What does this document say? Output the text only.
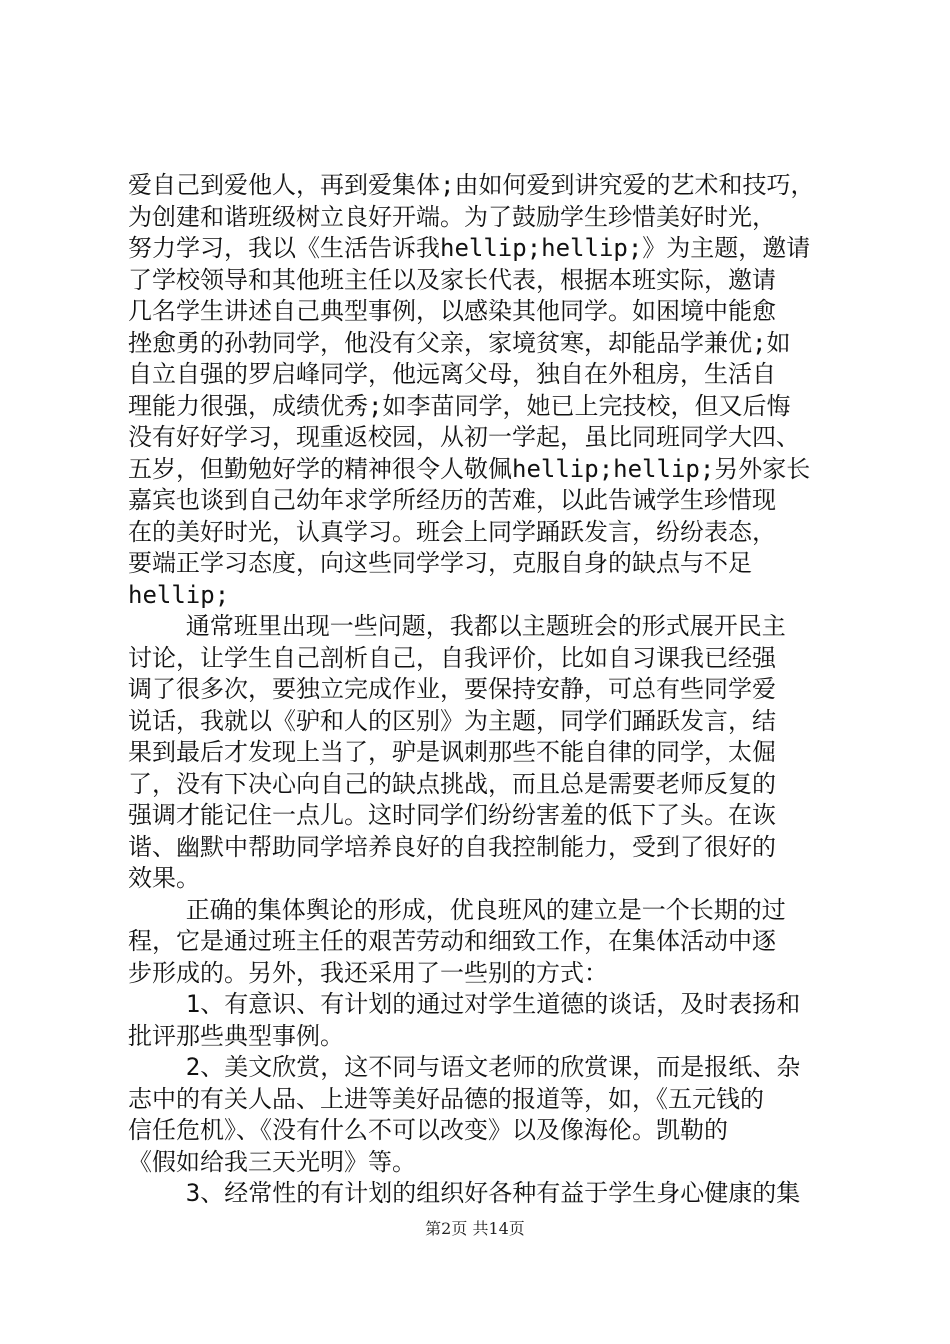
爱自己到爱他人，再到爱集体;由如何爱到讲究爱的艺术和技巧，
为创建和谐班级树立良好开端。为了鼓励学生珍惜美好时光，
努力学习，我以《生活告诉我hellip;hellip;》为主题，邀请
了学校领导和其他班主任以及家长代表，根据本班实际，邀请
几名学生讲述自己典型事例，以感染其他同学。如困境中能愈
挫愈勇的孙勃同学，他没有父亲，家境贫寒，却能品学兼优;如
自立自强的罗启峰同学，他远离父母，独自在外租房，生活自
理能力很强，成绩优秀;如李苗同学，她已上完技校，但又后悔
没有好好学习，现重返校园，从初一学起，虽比同班同学大四、
五岁，但勤勉好学的精神很令人敬佩hellip;hellip;另外家长
嘉宾也谈到自己幼年求学所经历的苦难，以此告诫学生珍惜现
在的美好时光，认真学习。班会上同学踊跃发言，纷纷表态，
要端正学习态度，向这些同学学习，克服自身的缺点与不足
hellip;
通常班里出现一些问题，我都以主题班会的形式展开民主
讨论，让学生自己剖析自己，自我评价，比如自习课我已经强
调了很多次，要独立完成作业，要保持安静，可总有些同学爱
说话，我就以《驴和人的区别》为主题，同学们踊跃发言，结
果到最后才发现上当了，驴是讽刺那些不能自律的同学，太倔
了，没有下决心向自己的缺点挑战，而且总是需要老师反复的
强调才能记住一点儿。这时同学们纷纷害羞的低下了头。在诙
谐、幽默中帮助同学培养良好的自我控制能力，受到了很好的
效果。
正确的集体舆论的形成，优良班风的建立是一个长期的过
程，它是通过班主任的艰苦劳动和细致工作，在集体活动中逐
步形成的。另外，我还采用了一些别的方式：
1、有意识、有计划的通过对学生道德的谈话，及时表扬和
批评那些典型事例。
2、美文欣赏，这不同与语文老师的欣赏课，而是报纸、杂
志中的有关人品、上进等美好品德的报道等，如，《五元钱的
信任危机》、《没有什么不可以改变》以及像海伦。凯勒的
《假如给我三天光明》等。
3、经常性的有计划的组织好各种有益于学生身心健康的集
第2页 共14页
